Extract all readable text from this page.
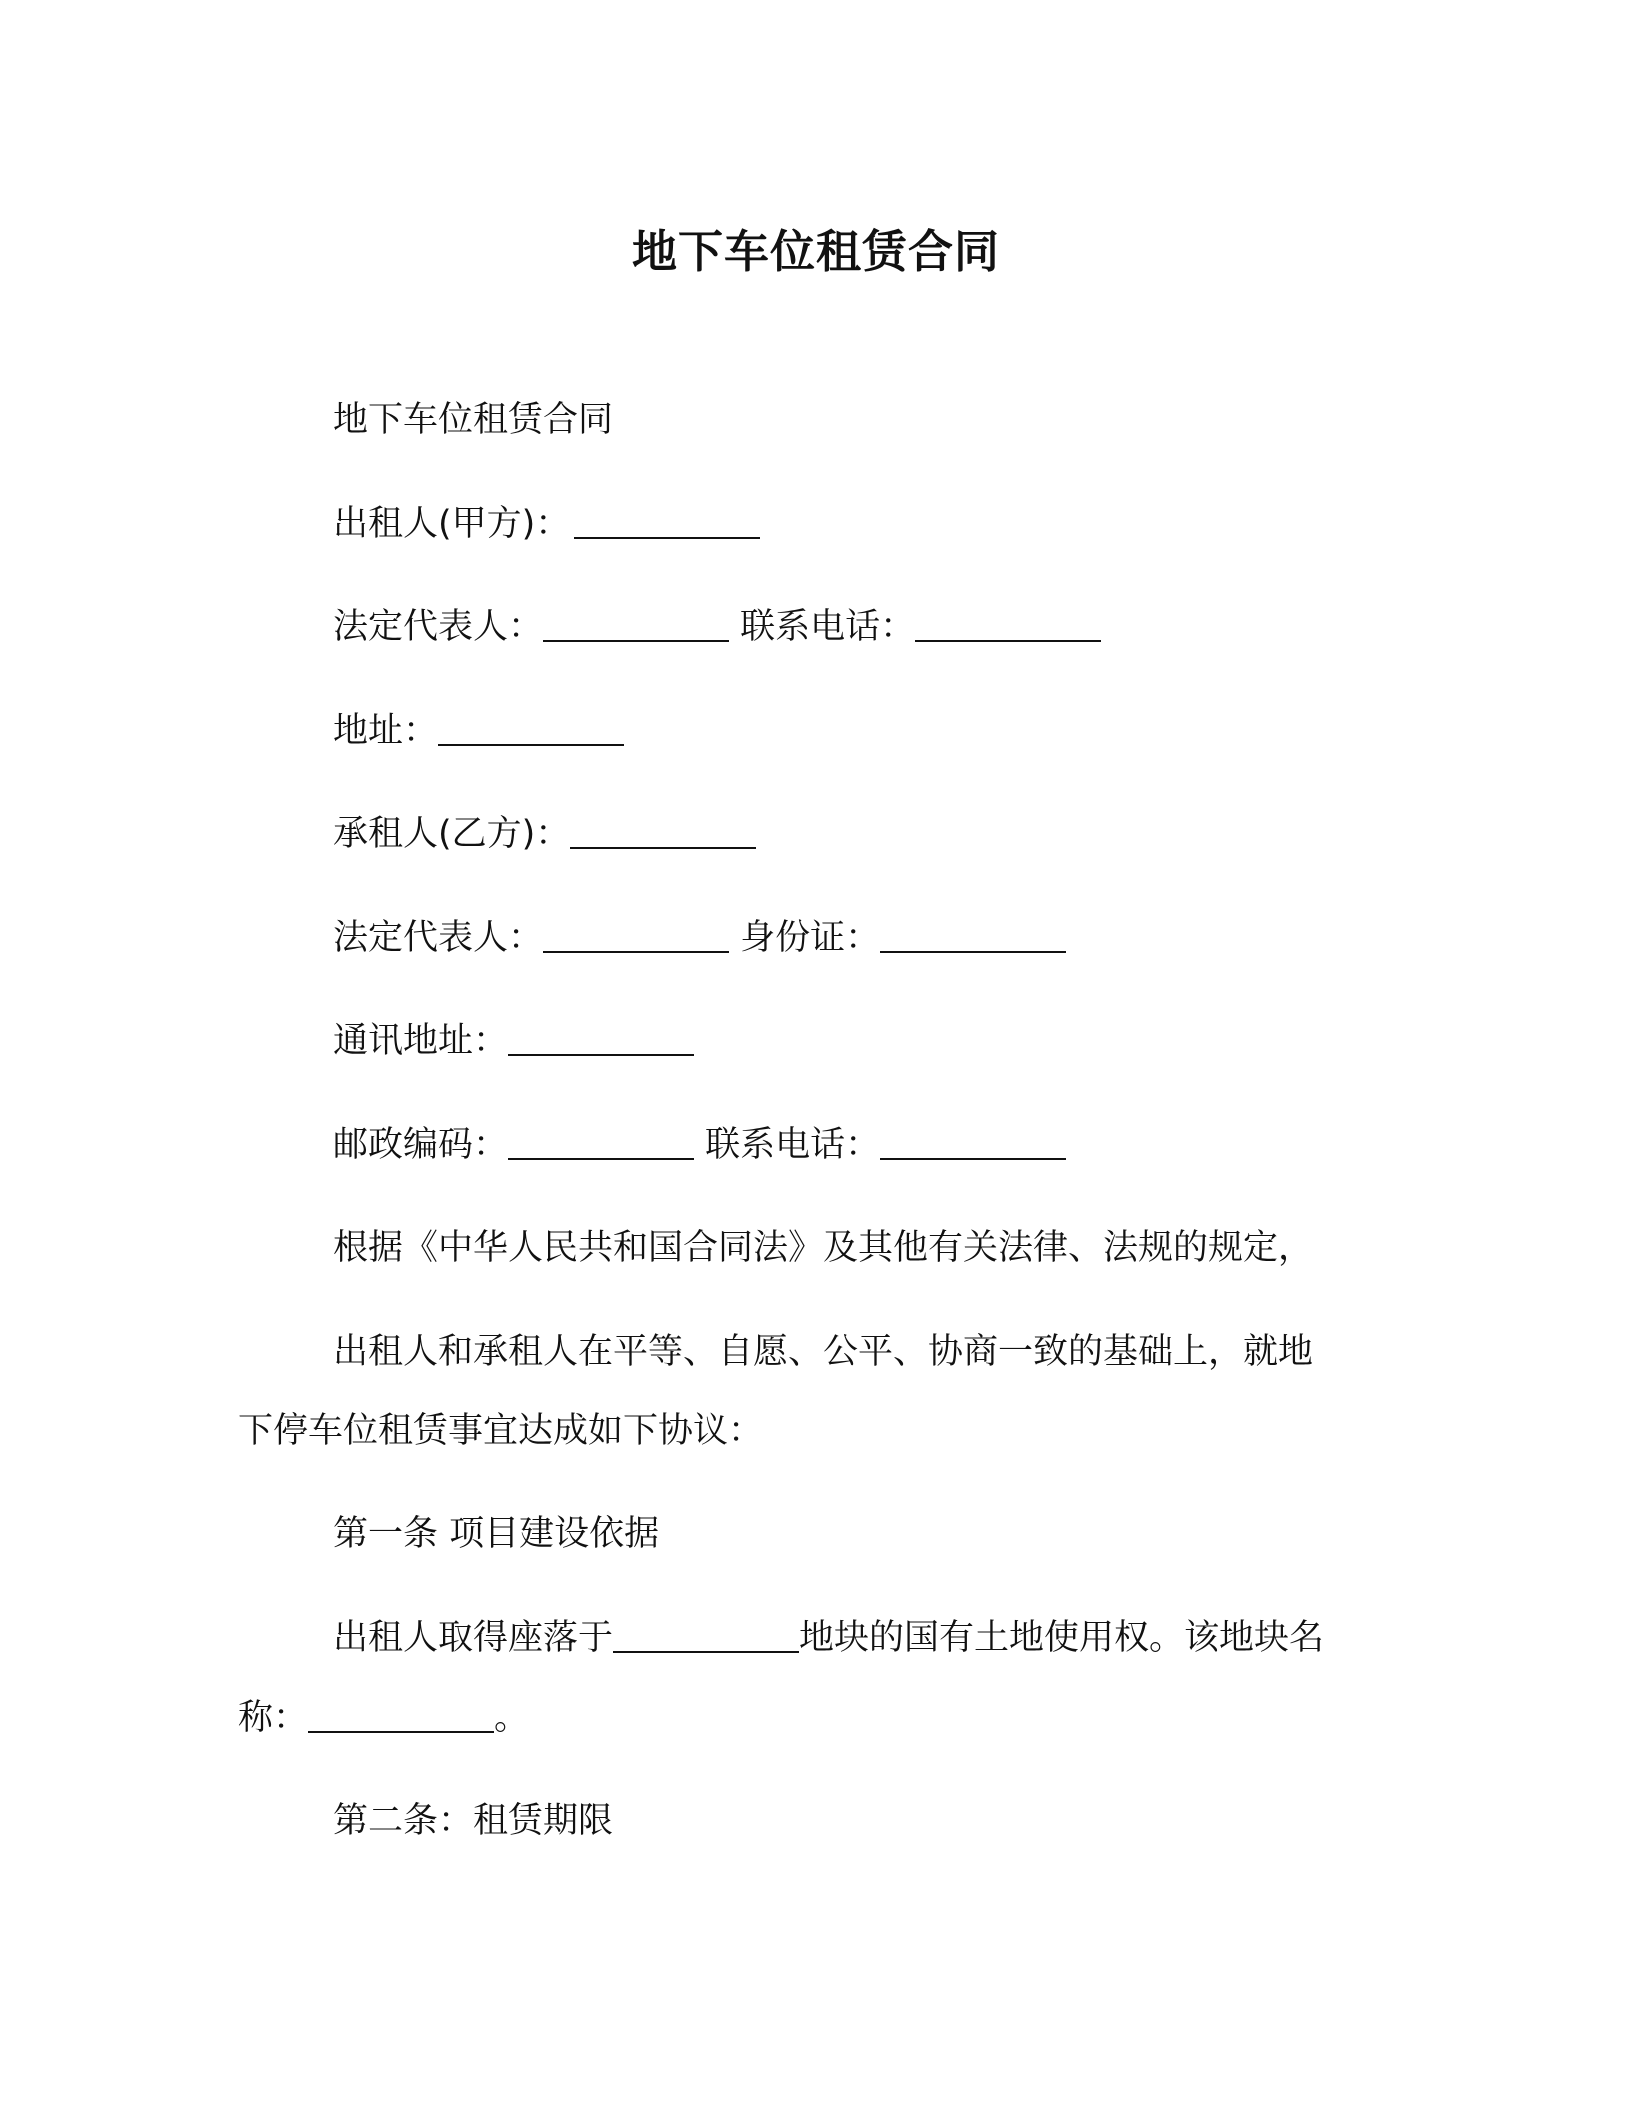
地下车位租赁合同
地下车位租赁合同
出租人(甲方)：
法定代表人：	联系电话：
地址：
承租人(乙方)：
法定代表人：	身份证：
通讯地址：
邮政编码：	联系电话：
根据《中华人民共和国合同法》及其他有关法律、法规的规定，
出租人和承租人在平等、自愿、公平、协商一致的基础上，就地
下停车位租赁事宜达成如下协议：
第一条 项目建设依据
出租人取得座落于	地块的国有土地使用权。该地块名
称：	。
第二条：租赁期限
